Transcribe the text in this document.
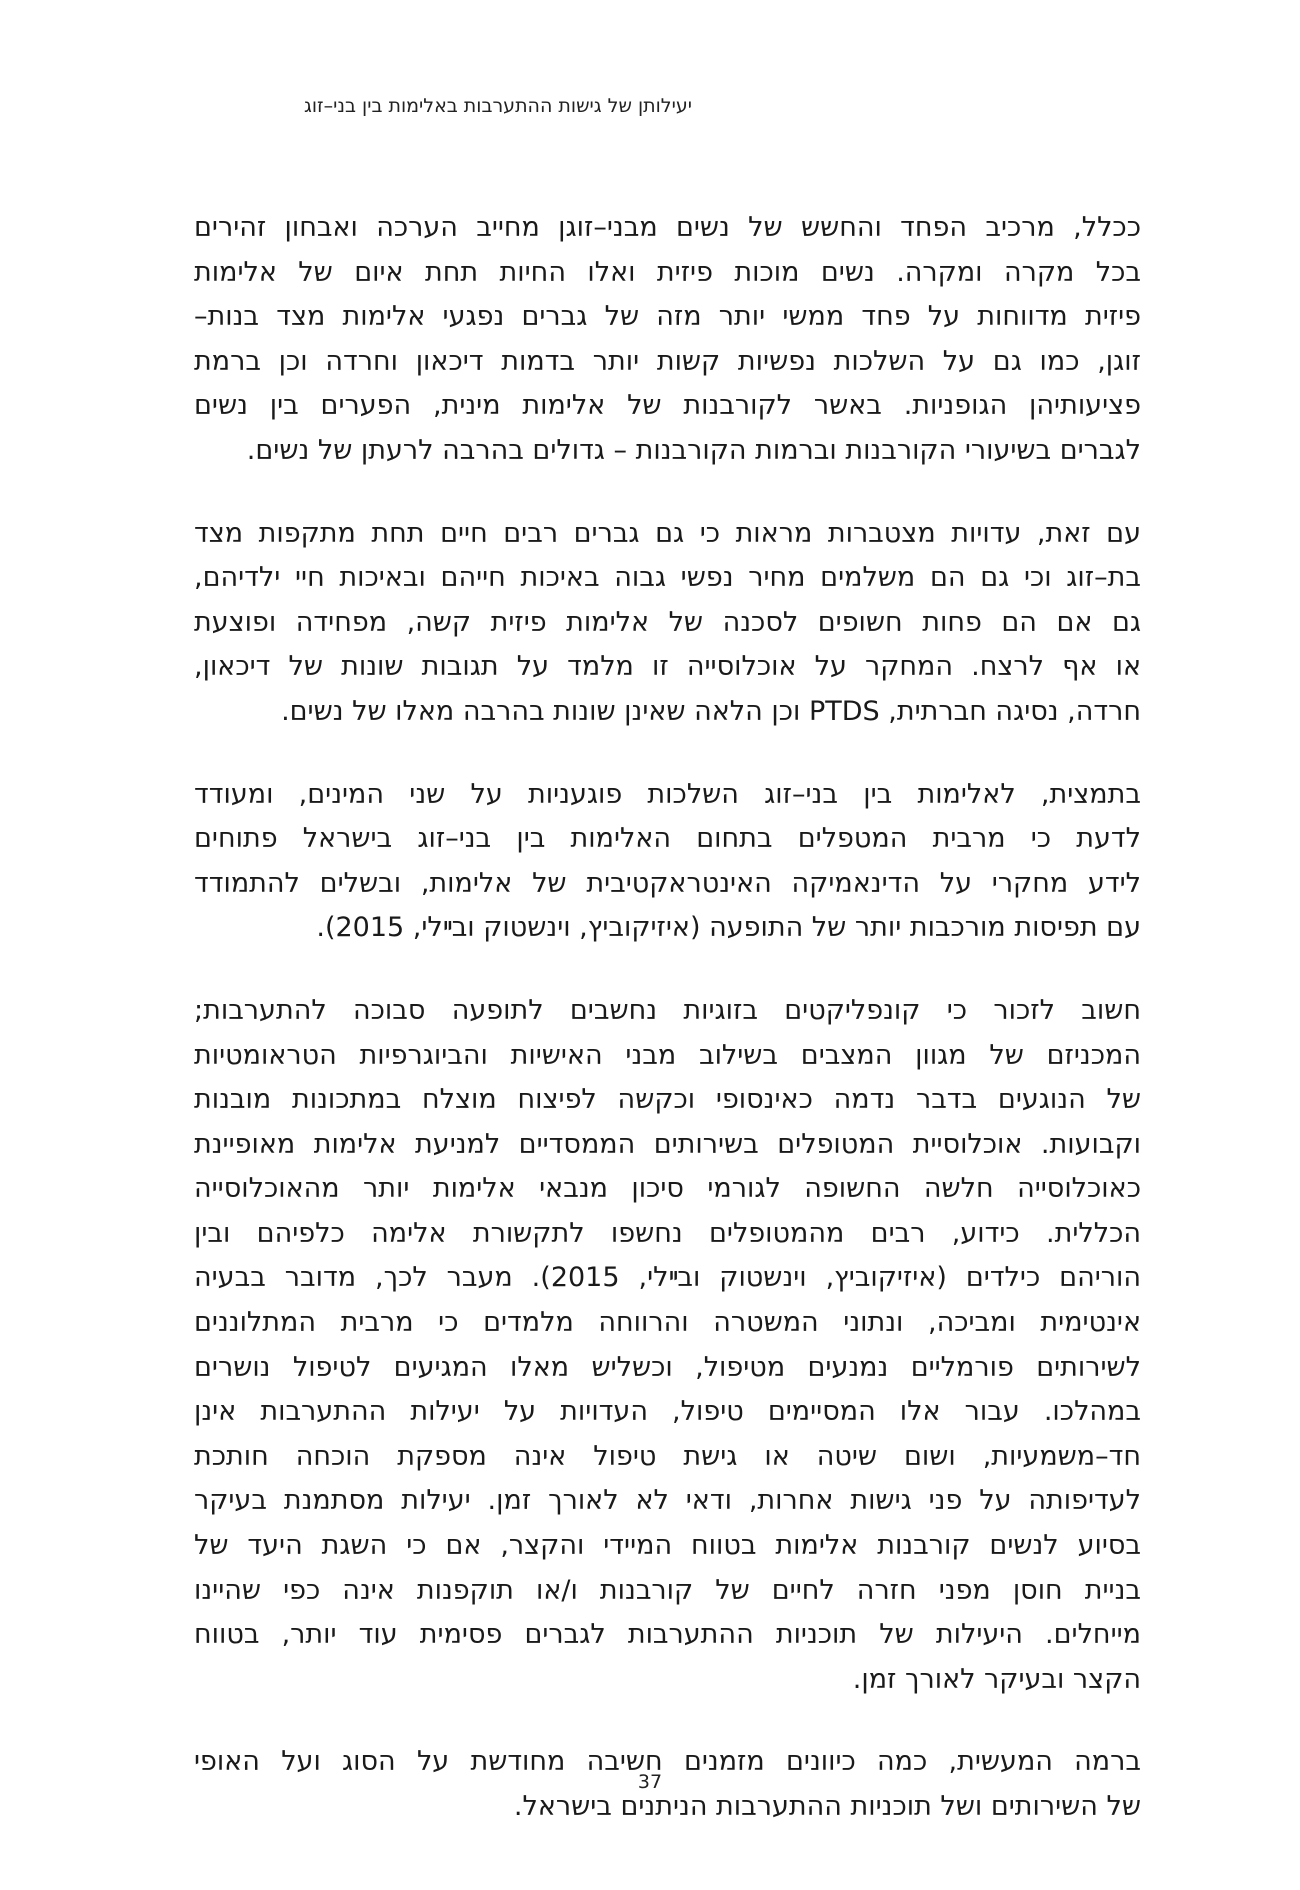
יעילותן של גישות ההתערבות באלימות בין בני–זוג
ככלל, מרכיב הפחד והחשש של נשים מבני–זוגן מחייב הערכה ואבחון זהירים
בכל מקרה ומקרה. נשים מוכות פיזית ואלו החיות תחת איום של אלימות
פיזית מדווחות על פחד ממשי יותר מזה של גברים נפגעי אלימות מצד בנות–
זוגן, כמו גם על השלכות נפשיות קשות יותר בדמות דיכאון וחרדה וכן ברמת
פציעותיהן הגופניות. באשר לקורבנות של אלימות מינית, הפערים בין נשים
לגברים בשיעורי הקורבנות וברמות הקורבנות – גדולים בהרבה לרעתן של נשים.
עם זאת, עדויות מצטברות מראות כי גם גברים רבים חיים תחת מתקפות מצד
בת–זוג וכי גם הם משלמים מחיר נפשי גבוה באיכות חייהם ובאיכות חיי ילדיהם,
גם אם הם פחות חשופים לסכנה של אלימות פיזית קשה, מפחידה ופוצעת
או אף לרצח. המחקר על אוכלוסייה זו מלמד על תגובות שונות של דיכאון,
חרדה, נסיגה חברתית, PTDS וכן הלאה שאינן שונות בהרבה מאלו של נשים.
בתמצית, לאלימות בין בני–זוג השלכות פוגעניות על שני המינים, ומעודד
לדעת כי מרבית המטפלים בתחום האלימות בין בני–זוג בישראל פתוחים
לידע מחקרי על הדינאמיקה האינטראקטיבית של אלימות, ובשלים להתמודד
עם תפיסות מורכבות יותר של התופעה (איזיקוביץ, וינשטוק ובײלי, 2015).
חשוב לזכור כי קונפליקטים בזוגיות נחשבים לתופעה סבוכה להתערבות;
המכניזם של מגוון המצבים בשילוב מבני האישיות והביוגרפיות הטראומטיות
של הנוגעים בדבר נדמה כאינסופי וכקשה לפיצוח מוצלח במתכונות מובנות
וקבועות. אוכלוסיית המטופלים בשירותים הממסדיים למניעת אלימות מאופיינת
כאוכלוסייה חלשה החשופה לגורמי סיכון מנבאי אלימות יותר מהאוכלוסייה
הכללית. כידוע, רבים מהמטופלים נחשפו לתקשורת אלימה כלפיהם ובין
הוריהם כילדים (איזיקוביץ, וינשטוק ובײלי, 2015). מעבר לכך, מדובר בבעיה
אינטימית ומביכה, ונתוני המשטרה והרווחה מלמדים כי מרבית המתלוננים
לשירותים פורמליים נמנעים מטיפול, וכשליש מאלו המגיעים לטיפול נושרים
במהלכו. עבור אלו המסיימים טיפול, העדויות על יעילות ההתערבות אינן
חד–משמעיות, ושום שיטה או גישת טיפול אינה מספקת הוכחה חותכת
לעדיפותה על פני גישות אחרות, ודאי לא לאורך זמן. יעילות מסתמנת בעיקר
בסיוע לנשים קורבנות אלימות בטווח המיידי והקצר, אם כי השגת היעד של
בניית חוסן מפני חזרה לחיים של קורבנות ו/או תוקפנות אינה כפי שהיינו
מייחלים. היעילות של תוכניות ההתערבות לגברים פסימית עוד יותר, בטווח
הקצר ובעיקר לאורך זמן.
ברמה המעשית, כמה כיוונים מזמנים חשיבה מחודשת על הסוג ועל האופי
של השירותים ושל תוכניות ההתערבות הניתנים בישראל.
37
